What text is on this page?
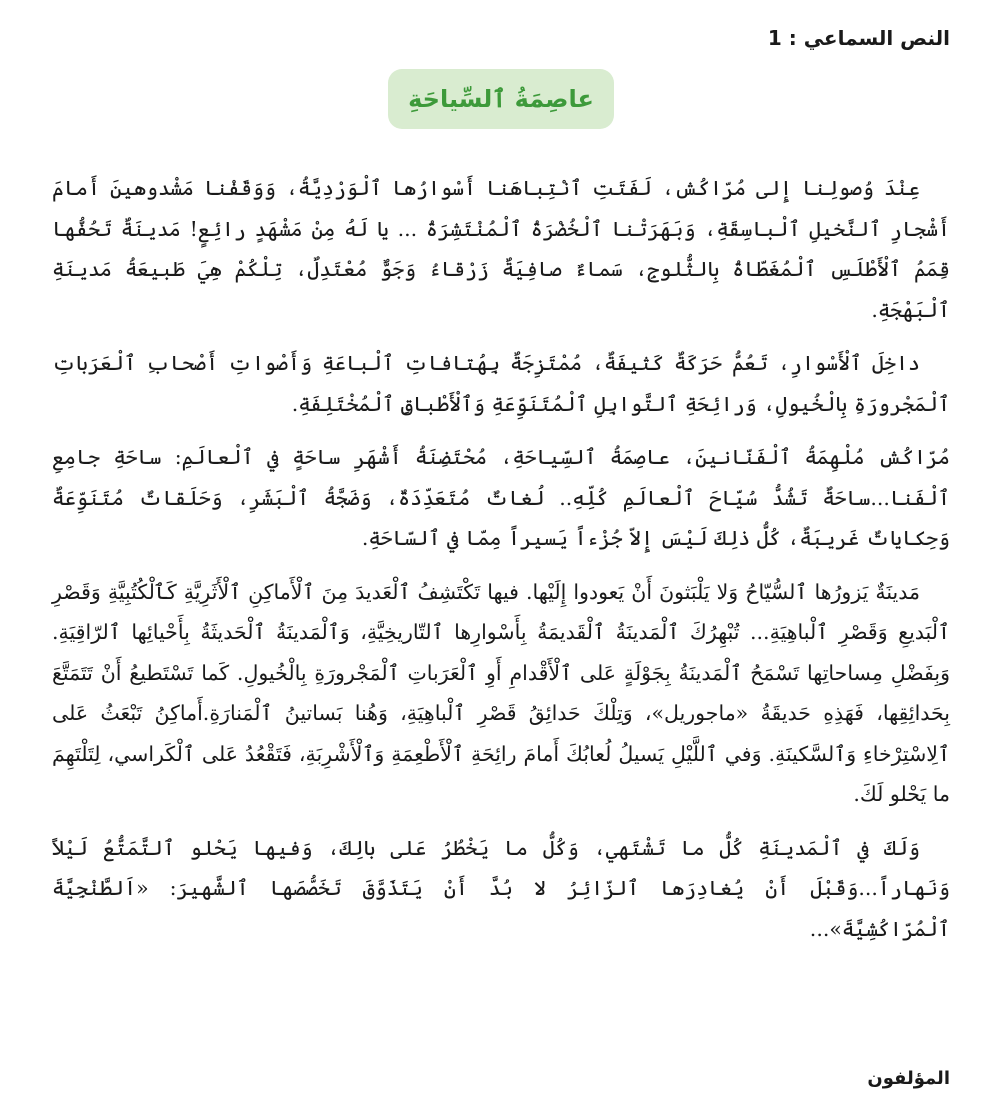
النص السماعي : 1
عاصِمَةُ ٱلسِّياحَةِ

عِنْدَ وُصولِنا إِلى مُرّاكُش، لَفَتَتِ ٱنْتِباهَنا أَسْوارُها ٱلْوَرْدِيَّةُ، وَوَقَفْنا مَشْدوهينَ أَمامَ أَشْجارِ ٱلنَّخيلِ ٱلْباسِقَةِ، وَبَهَرَتْنا ٱلْخُضْرَةُ ٱلْمُنْتَشِرَةُ ... يا لَهُ مِنْ مَشْهَدٍ رائِعٍ! مَدينَةٌ تَحُفُّها قِمَمُ ٱلْأَطْلَسِ ٱلْمُغَطّاةُ بِالثُّلوجِ، سَماءٌ صافِيَةٌ زَرْقاءُ وَجَوٌّ مُعْتَدِلٌ، تِلْكُمْ هِيَ طَبيعَةُ مَدينَةِ ٱلْبَهْجَةِ.

داخِلَ ٱلْأَسْوارِ، تَعُمُّ حَرَكَةٌ كَثيفَةٌ، مُمْتَزِجَةٌ بِهُتافاتِ ٱلْباعَةِ وَأَصْواتِ أَصْحابِ ٱلْعَرَباتِ ٱلْمَجْرورَةِ بِالْخُيولِ، وَرائِحَةِ ٱلتَّوابِلِ ٱلْمُتَنَوِّعَةِ وَٱلْأَطْباقِ ٱلْمُخْتَلِفَةِ.

مُرّاكُش مُلْهِمَةُ ٱلْفَنّانينَ، عاصِمَةُ ٱلسِّياحَةِ، مُحْتَضِنَةُ أَشْهَرِ ساحَةٍ في ٱلْعالَمِ: ساحَةِ جامِعِ ٱلْفَنا...ساحَةٌ تَشُدُّ سُيّاحَ ٱلْعالَمِ كُلِّهِ.. لُغاتٌ مُتَعَدِّدَةٌ، وَضَجَّةُ ٱلْبَشَرِ، وَحَلَقاتٌ مُتَنَوِّعَةٌ وَحِكاياتٌ غَريبَةٌ، كُلُّ ذلِكَ لَيْسَ إِلاّ جُزْءاً يَسيراً مِمّا في ٱلسّاحَةِ.

مَدينَةٌ يَزورُها ٱلسُّيّاحُ وَلا يَلْبَثونَ أَنْ يَعودوا إِلَيْها. فيها تَكْتَشِفُ ٱلْعَديدَ مِنَ ٱلْأَماكِنِ ٱلْأَثَرِيَّةِ كَٱلْكُتُبِيَّةِ وَقَصْرِ ٱلْبَديعِ وَقَصْرِ ٱلْباهِيَةِ... تُبْهِرُكَ ٱلْمَدينَةُ ٱلْقَديمَةُ بِأَسْوارِها ٱلتّاريخِيَّةِ، وَٱلْمَدينَةُ ٱلْحَديثَةُ بِأَحْيائِها ٱلرّاقِيَةِ. وَبِفَضْلِ مِساحاتِها تَسْمَحُ ٱلْمَدينَةُ بِجَوْلَةٍ عَلى ٱلْأَقْدامِ أَوِ ٱلْعَرَباتِ ٱلْمَجْرورَةِ بِالْخُيولِ. كَما تَسْتَطيعُ أَنْ تَتَمَتَّعَ بِحَدائِقِها، فَهَذِهِ حَديقَةُ «ماجوريل»، وَتِلْكَ حَدائِقُ قَصْرِ ٱلْباهِيَةِ، وَهُنا بَساتينُ ٱلْمَنارَةِ.أَماكِنُ تَبْعَثُ عَلى ٱلِاسْتِرْخاءِ وَٱلسَّكينَةِ. وَفي ٱللَّيْلِ يَسيلُ لُعابُكَ أَمامَ رائِحَةِ ٱلْأَطْعِمَةِ وَٱلْأَشْرِبَةِ، فَتَقْعُدُ عَلى ٱلْكَراسي، لِتَلْتَهِمَ ما يَحْلو لَكَ.

وَلَكَ في ٱلْمَدينَةِ كُلُّ ما تَشْتَهي، وَكُلُّ ما يَخْطُرُ عَلى بالِكَ، وَفيها يَحْلو ٱلتَّمَتُّعُ لَيْلاً وَنَهاراً...وَقَبْلَ أَنْ يُغادِرَها ٱلزّائِرُ لا بُدَّ أَنْ يَتَذَوَّقَ تَخَصُّصَها ٱلشَّهيرَ: «اَلطَّنْجِيَّةَ ٱلْمُرّاكُشِيَّةَ»...

المؤلفون
